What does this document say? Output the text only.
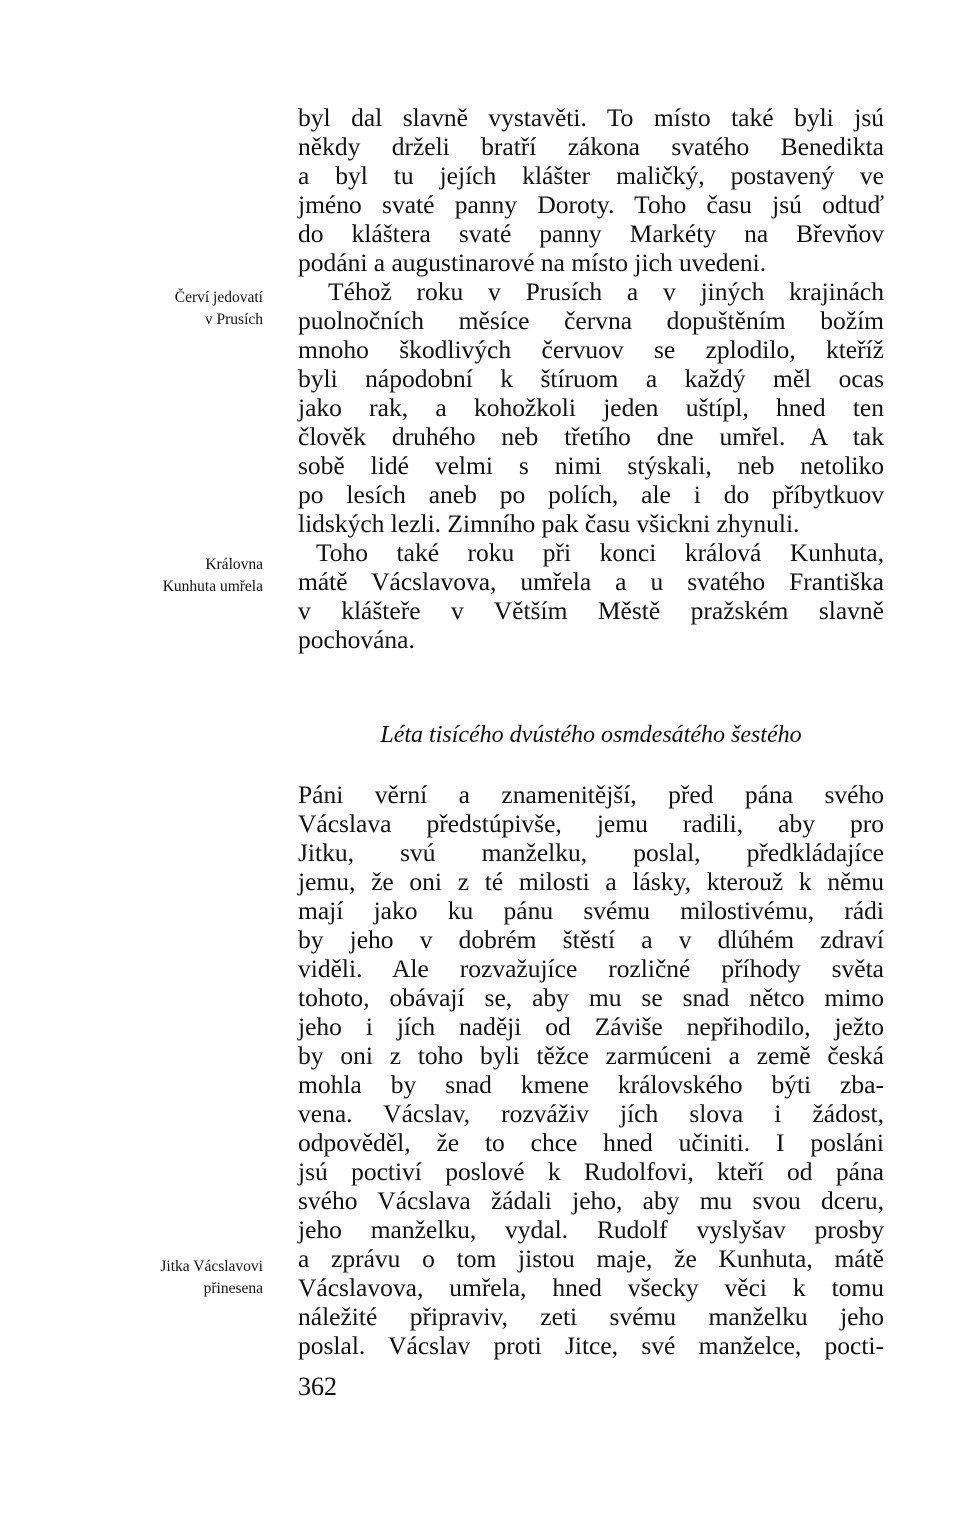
byl dal slavně vystavěti. To místo také byli jsú
někdy drželi bratří zákona svatého Benedikta
a byl tu jejích klášter maličký, postavený ve
jméno svaté panny Doroty. Toho času jsú odtuď
do kláštera svaté panny Markéty na Břevňov
podáni a augustinarové na místo jich uvedeni.
Téhož roku v Prusích a v jiných krajinách
puolnočních měsíce června dopuštěním božím
mnoho škodlivých červuov se zplodilo, kteříž
byli nápodobní k štíruom a každý měl ocas
jako rak, a kohožkoli jeden uštípl, hned ten
člověk druhého neb třetího dne umřel. A tak
sobě lidé velmi s nimi stýskali, neb netoliko
po lesích aneb po polích, ale i do příbytkuov
lidských lezli. Zimního pak času všickni zhynuli.
Toho také roku při konci králová Kunhuta,
mátě Vácslavova, umřela a u svatého Františka
v klášteře v Větším Městě pražském slavně
pochována.
Červí jedovatí
v Prusích
Královna
Kunhuta umřela
Léta tisícého dvústého osmdesátého šestého
Páni věrní a znamenitější, před pána svého
Vácslava předstúpivše, jemu radili, aby pro
Jitku, svú manželku, poslal, předkládajíce
jemu, že oni z té milosti a lásky, kterouž k němu
mají jako ku pánu svému milostivému, rádi
by jeho v dobrém štěstí a v dlúhém zdraví
viděli. Ale rozvažujíce rozličné příhody světa
tohoto, obávají se, aby mu se snad nětco mimo
jeho i jích naději od Záviše nepřihodilo, ježto
by oni z toho byli těžce zarmúceni a země česká
mohla by snad kmene královského býti zba-
vena. Vácslav, rozváživ jích slova i žádost,
odpověděl, že to chce hned učiniti. I posláni
jsú poctiví poslové k Rudolfovi, kteří od pána
svého Vácslava žádali jeho, aby mu svou dceru,
jeho manželku, vydal. Rudolf vyslyšav prosby
a zprávu o tom jistou maje, že Kunhuta, mátě
Vácslavova, umřela, hned všecky věci k tomu
náležité připraviv, zeti svému manželku jeho
poslal. Vácslav proti Jitce, své manželce, pocti-
Jitka Vácslavovi
přinesena
362
